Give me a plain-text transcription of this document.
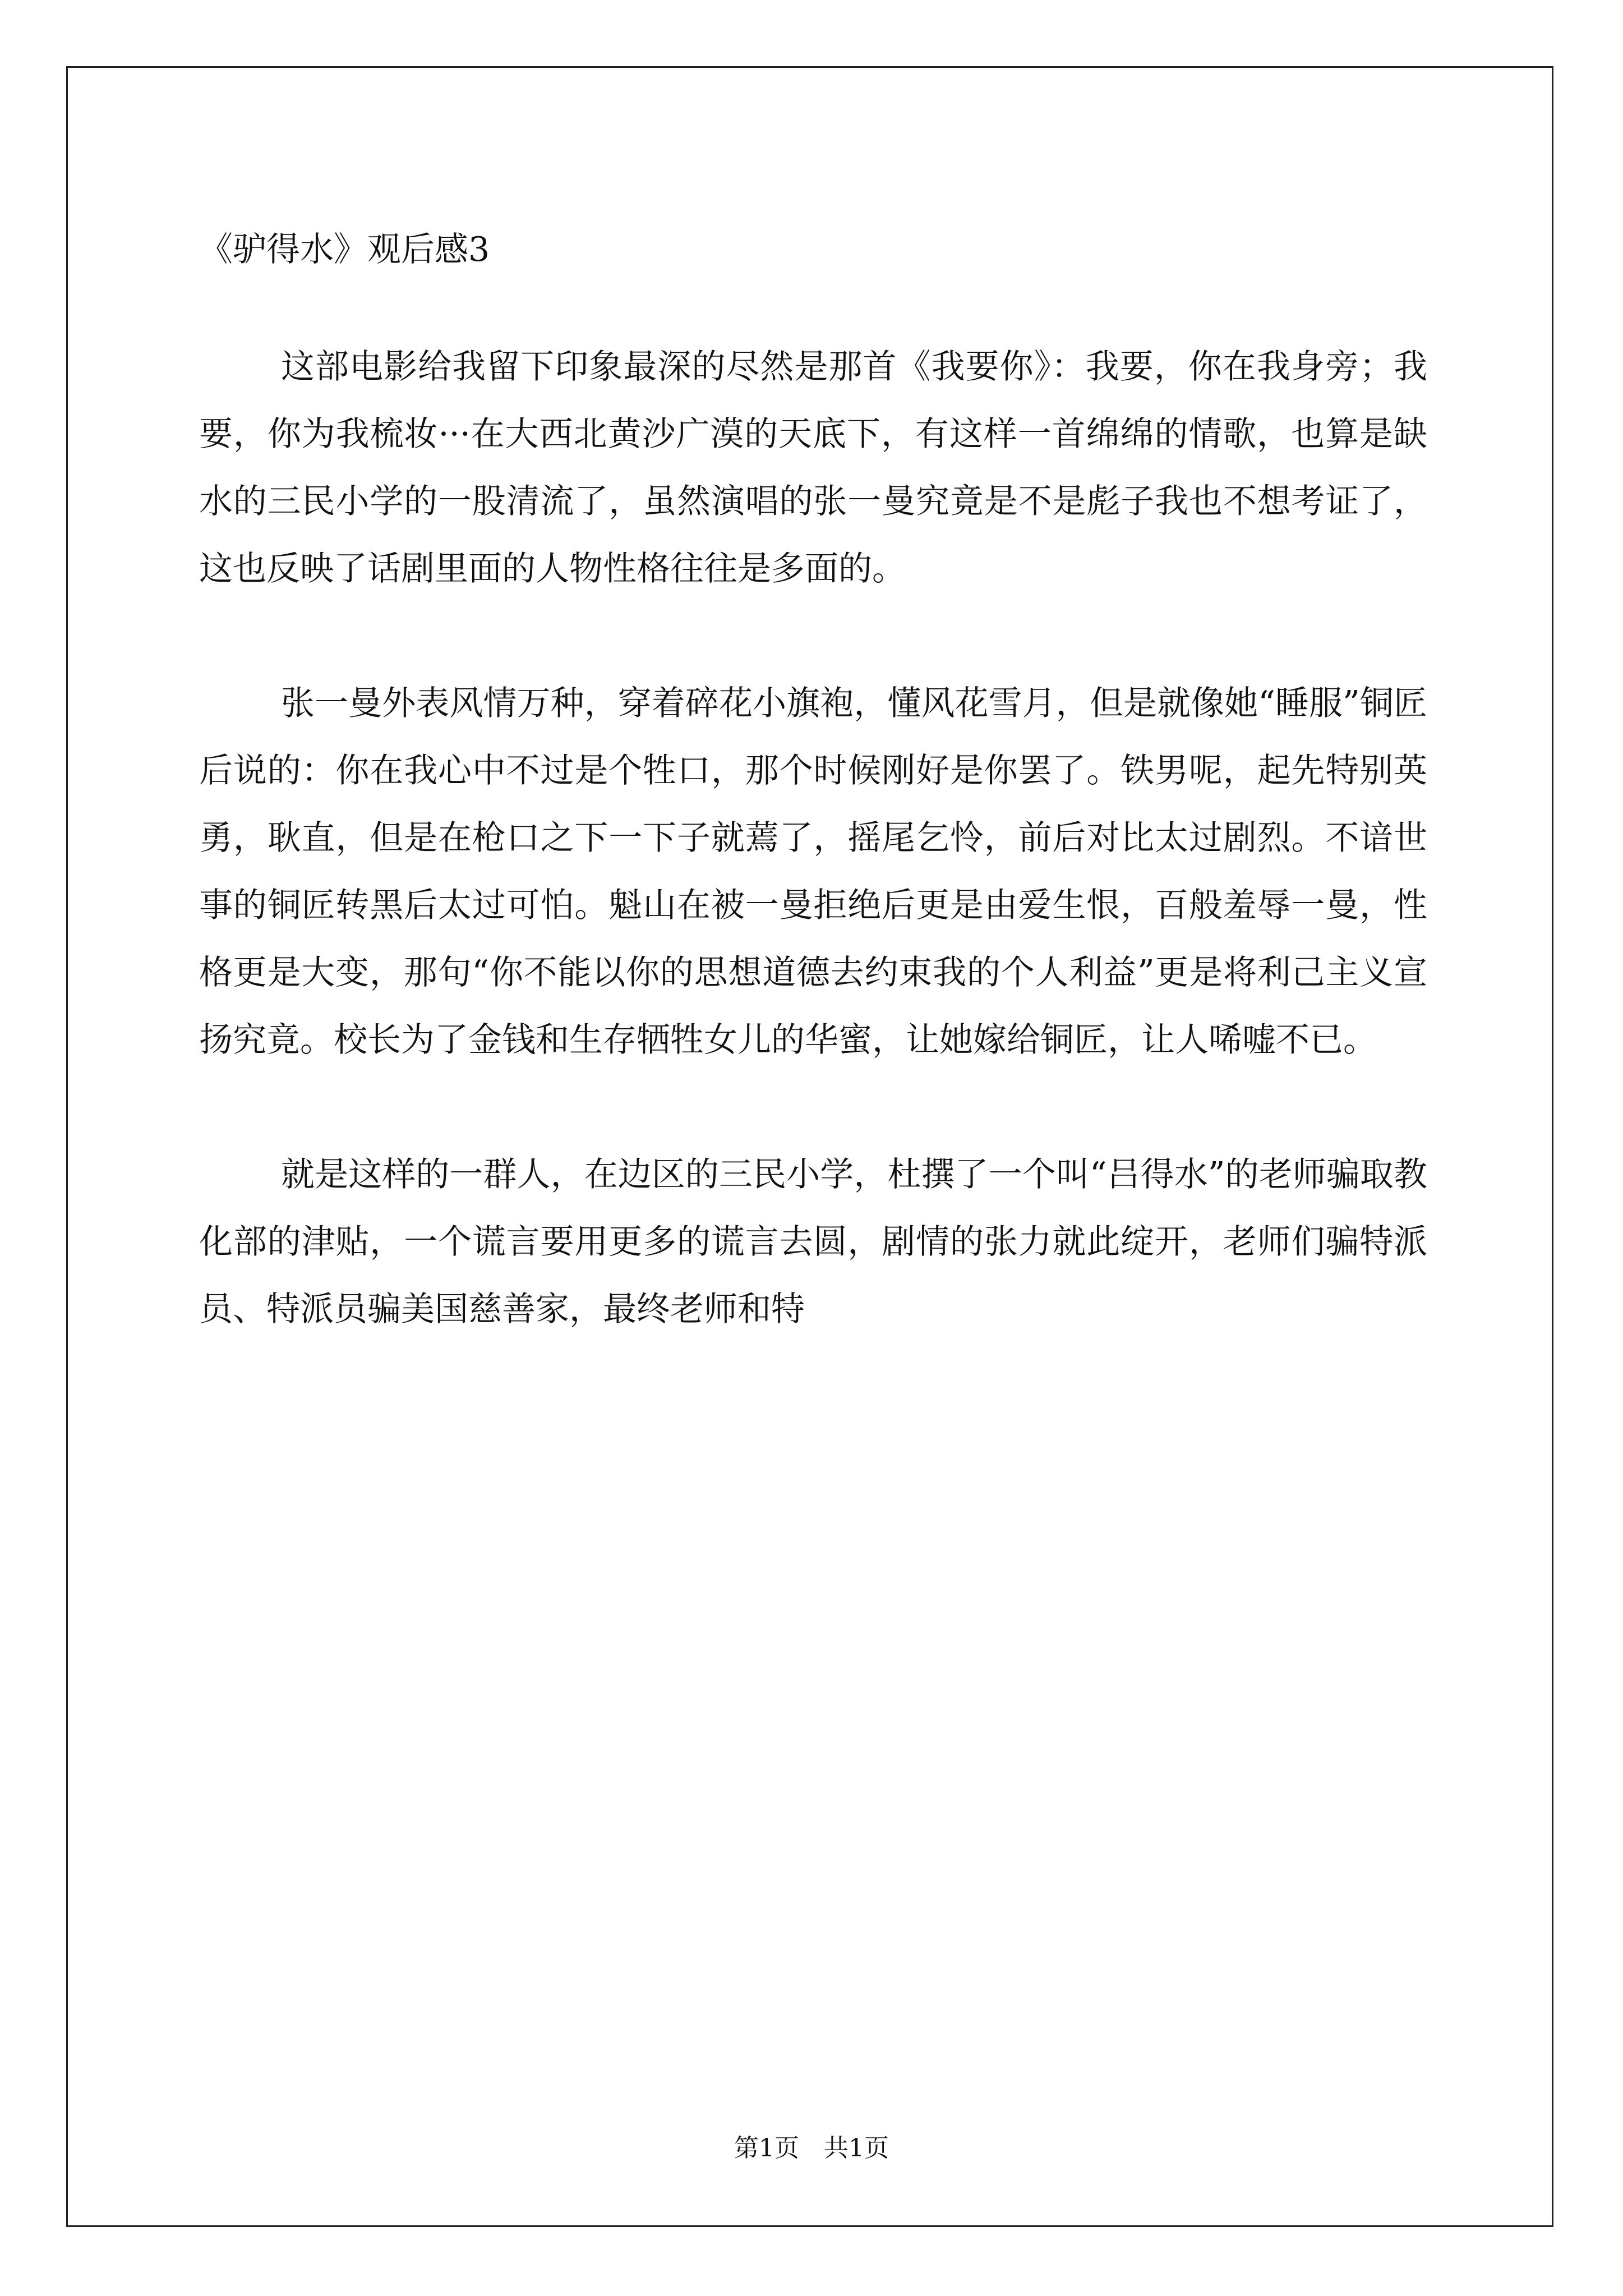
《驴得水》观后感3

这部电影给我留下印象最深的尽然是那首《我要你》：我要，你在我身旁；我要，你为我梳妆···在大西北黄沙广漠的天底下，有这样一首绵绵的情歌，也算是缺水的三民小学的一股清流了，虽然演唱的张一曼究竟是不是彪子我也不想考证了，这也反映了话剧里面的人物性格往往是多面的。

张一曼外表风情万种，穿着碎花小旗袍，懂风花雪月，但是就像她“睡服”铜匠后说的：你在我心中不过是个牲口，那个时候刚好是你罢了。铁男呢，起先特别英勇，耿直，但是在枪口之下一下子就蔫了，摇尾乞怜，前后对比太过剧烈。不谙世事的铜匠转黑后太过可怕。魁山在被一曼拒绝后更是由爱生恨，百般羞辱一曼，性格更是大变，那句“你不能以你的思想道德去约束我的个人利益”更是将利己主义宣扬究竟。校长为了金钱和生存牺牲女儿的华蜜，让她嫁给铜匠，让人唏嘘不已。

就是这样的一群人，在边区的三民小学，杜撰了一个叫“吕得水”的老师骗取教化部的津贴，一个谎言要用更多的谎言去圆，剧情的张力就此绽开，老师们骗特派员、特派员骗美国慈善家，最终老师和特

第1页　共1页
